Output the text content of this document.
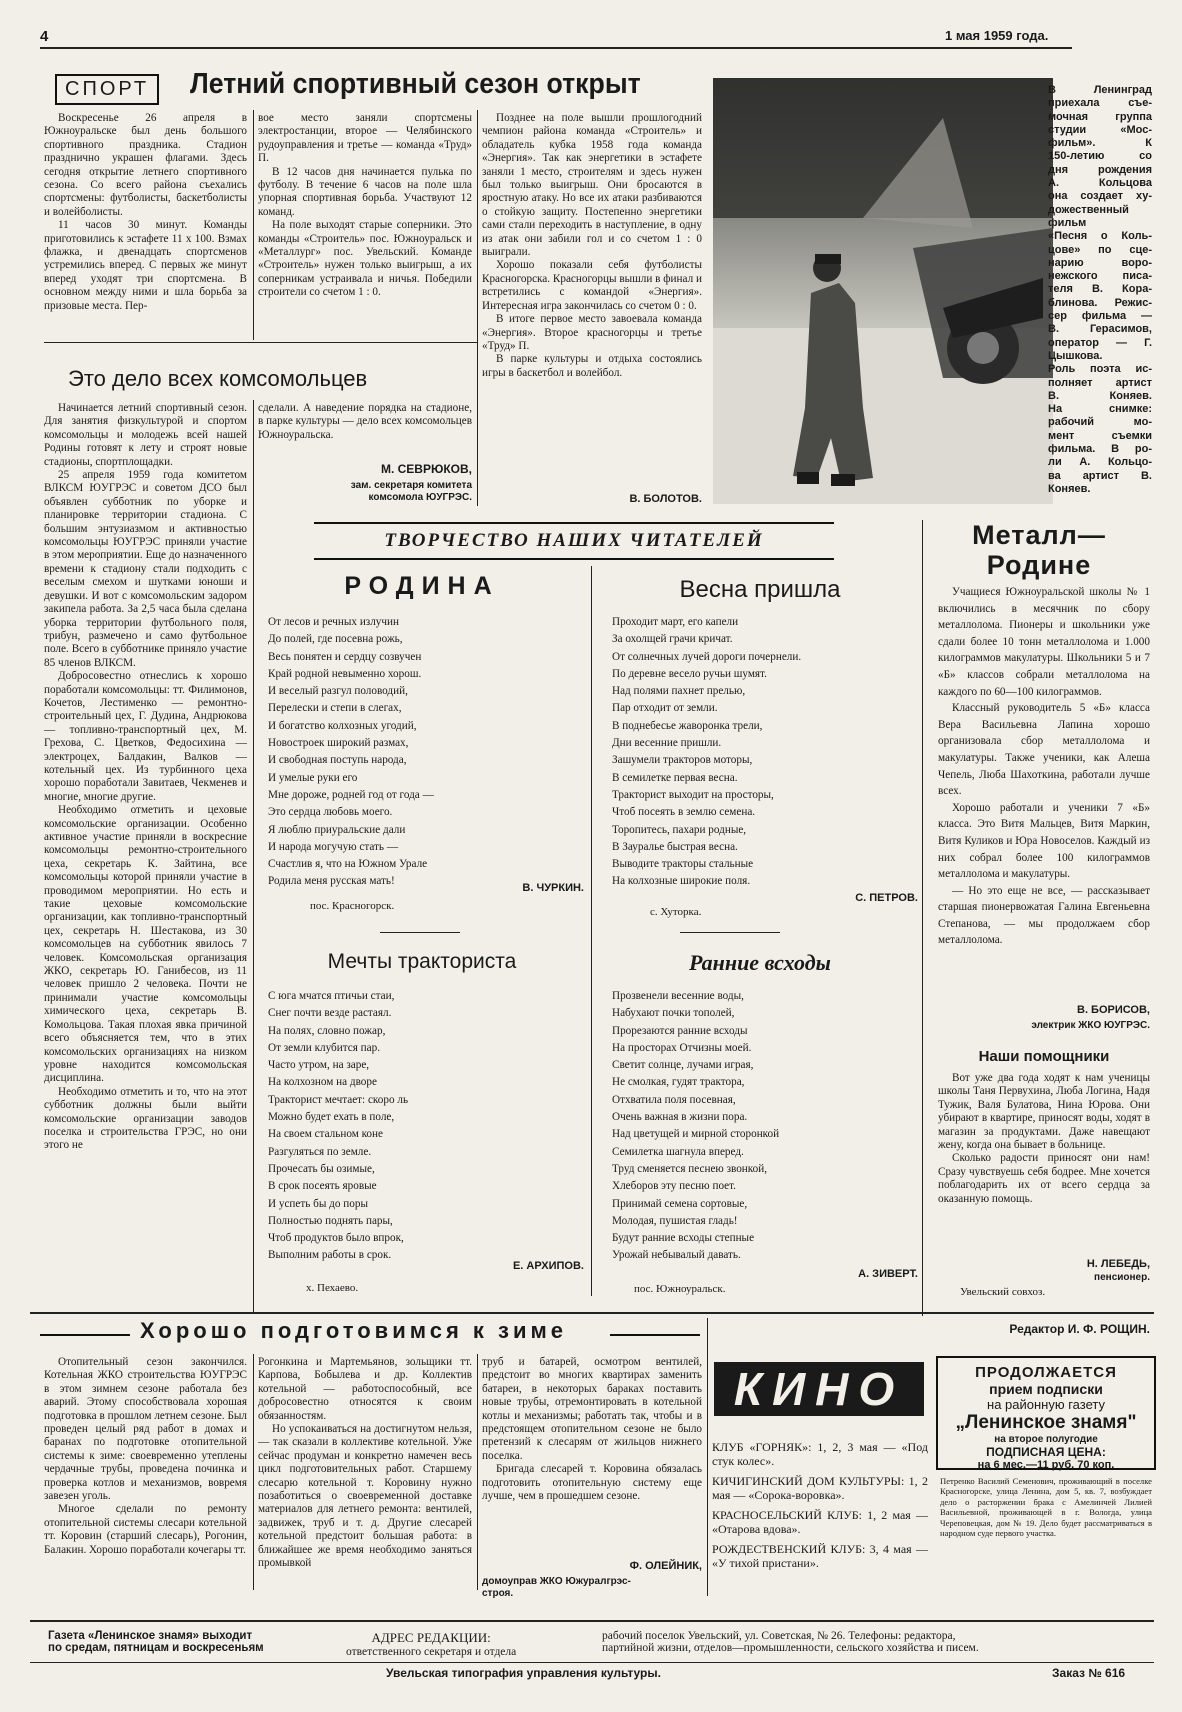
4	1 мая 1959 года.
СПОРТ	Летний спортивный сезон открыт

Воскресенье 26 апреля в Южноуральске был день большого спортивного праздника. Стадион празднично украшен флагами. Здесь сегодня открытие летнего спортивного сезона. Со всего района съехались спортсмены: футболисты, баскетболисты и волейболисты.

11 часов 30 минут. Команды приготовились к эстафете 11 х 100. Взмах флажка, и двенадцать спортсменов устремились вперед. С первых же минут вперед уходят три спортсмена. В основном между ними и шла борьба за призовые места. Пер-

вое место заняли спортсмены электростанции, второе — Челябинского рудоуправления и третье — команда «Труд» П.

В 12 часов дня начинается пулька по футболу. В течение 6 часов на поле шла упорная спортивная борьба. Участвуют 12 команд.

На поле выходят старые соперники. Это команды «Строитель» пос. Южноуральск и «Металлург» пос. Увельский. Команде «Строитель» нужен только выигрыш, а их соперникам устраивала и ничья. Победили строители со счетом 1 : 0.

Позднее на поле вышли прошлогодний чемпион района команда «Строитель» и обладатель кубка 1958 года команда «Энергия». Так как энергетики в эстафете заняли 1 место, строителям и здесь нужен был только выигрыш. Они бросаются в яростную атаку. Но все их атаки разбиваются о стойкую защиту. Постепенно энергетики сами стали переходить в наступление, в одну из атак они забили гол и со счетом 1 : 0 выиграли.

Хорошо показали себя футболисты Красногорска. Красногорцы вышли в финал и встретились с командой «Энергия». Интересная игра закончилась со счетом 0 : 0.

В итоге первое место завоевала команда «Энергия». Второе красногорцы и третье «Труд» П.

В парке культуры и отдыха состоялись игры в баскетбол и волейбол.

В. БОЛОТОВ.
В Ленинград
приехала съе-
мочная группа
студии «Мос-
фильм». К
150-летию со
дня рождения
А. Кольцова
она создает ху-
дожественный
фильм
«Песня о Коль-
цове» по сце-
нарию воро-
нежского писа-
теля В. Кора-
блинова. Режис-
сер фильма —
В. Герасимов,
оператор — Г.
Цышкова.
Роль поэта ис-
полняет артист
В. Коняев.
На снимке:
рабочий мо-
мент съемки
фильма. В ро-
ли А. Кольцо-
ва артист В.
Коняев.
Это дело всех комсомольцев

Начинается летний спортивный сезон. Для занятия физкультурой и спортом комсомольцы и молодежь всей нашей Родины готовят к лету и строят новые стадионы, спортплощадки.

25 апреля 1959 года комитетом ВЛКСМ ЮУГРЭС и советом ДСО был объявлен субботник по уборке и планировке территории стадиона. С большим энтузиазмом и активностью комсомольцы ЮУГРЭС приняли участие в этом мероприятии. Еще до назначенного времени к стадиону стали подходить с веселым смехом и шутками юноши и девушки. И вот с комсомольским задором закипела работа. За 2,5 часа была сделана уборка территории футбольного поля, трибун, размечено и само футбольное поле. Всего в субботнике приняло участие 85 членов ВЛКСМ.

Добросовестно отнеслись к хорошо поработали комсомольцы: тт. Филимонов, Кочетов, Лестименко — ремонтно-строительный цех, Г. Дудина, Андрюкова — топливно-транспортный цех, М. Грехова, С. Цветков, Федосихина — электроцех, Балдакин, Валков — котельный цех. Из турбинного цеха хорошо поработали Завитаев, Чекменев и многие, многие другие.

Необходимо отметить и цеховые комсомольские организации. Особенно активное участие приняли в воскресние комсомольцы ремонтно-строительного цеха, секретарь К. Зайтина, все комсомольцы которой приняли участие в проводимом мероприятии. Но есть и такие цеховые комсомольские организации, как топливно-транспортный цех, секретарь Н. Шестакова, из 30 комсомольцев на субботник явилось 7 человек. Комсомольская организация ЖКО, секретарь Ю. Ганибесов, из 11 человек пришло 2 человека. Почти не принимали участие комсомольцы химического цеха, секретарь В. Комольцова. Такая плохая явка причиной всего объясняется тем, что в этих комсомольских организациях на низком уровне находится комсомольская дисциплина.

Необходимо отметить и то, что на этот субботник должны были выйти комсомольские организации заводов поселка и строительства ГРЭС, но они этого не

сделали. А наведение порядка на стадионе, в парке культуры — дело всех комсомольцев Южноуральска.

М. СЕВРЮКОВ,
зам. секретаря комитета
комсомола ЮУГРЭС.
ТВОРЧЕСТВО НАШИХ ЧИТАТЕЛЕЙ
РОДИНА
От лесов и речных излучин
До полей, где посевна рожь,
Весь понятен и сердцу созвучен
Край родной невыменно хорош.
И веселый разгул половодий,
Перелески и степи в слегах,
И богатство колхозных угодий,
Новостроек широкий размах,
И свободная поступь народа,
И умелые руки его
Мне дороже, родней год от года —
Это сердца любовь моего.
Я люблю приуральские дали
И народа могучую стать —
Счастлив я, что на Южном Урале
Родила меня русская мать!
В. ЧУРКИН.
пос. Красногорск.
Весна пришла
Проходит март, его капели
За охолщей грачи кричат.
От солнечных лучей дороги почернели.
По деревне весело ручьи шумят.
Над полями пахнет прелью,
Пар отходит от земли.
В поднебесье жаворонка трели,
Дни весенние пришли.
Зашумели тракторов моторы,
В семилетке первая весна.
Тракторист выходит на просторы,
Чтоб посеять в землю семена.
Торопитесь, пахари родные,
В Зауралье быстрая весна.
Выводите тракторы стальные
На колхозные широкие поля.
С. ПЕТРОВ.
с. Хуторка.
Мечты тракториста
С юга мчатся птичьи стаи,
Снег почти везде растаял.
На полях, словно пожар,
От земли клубится пар.
Часто утром, на заре,
На колхозном на дворе
Тракторист мечтает: скоро ль
Можно будет ехать в поле,
На своем стальном коне
Разгуляться по земле.
Прочесать бы озимые,
В срок посеять яровые
И успеть бы до поры
Полностью поднять пары,
Чтоб продуктов было впрок,
Выполним работы в срок.
Е. АРХИПОВ.
х. Пехаево.
Ранние всходы
Прозвенели весенние воды,
Набухают почки тополей,
Прорезаются ранние всходы
На просторах Отчизны моей.
Светит солнце, лучами играя,
Не смолкая, гудят трактора,
Отхватила поля посевная,
Очень важная в жизни пора.
Над цветущей и мирной сторонкой
Семилетка шагнула вперед.
Труд сменяется песнею звонкой,
Хлеборов эту песню поет.
Принимай семена сортовые,
Молодая, пушистая гладь!
Будут ранние всходы степные
Урожай небывалый давать.
А. ЗИВЕРТ.
пос. Южноуральск.
Металл—
Родине

Учащиеся Южноуральской школы № 1 включились в месячник по сбору металлолома. Пионеры и школьники уже сдали более 10 тонн металлолома и 1.000 килограммов макулатуры. Школьники 5 и 7 «Б» классов собрали металлолома на каждого по 60—100 килограммов.

Классный руководитель 5 «Б» класса Вера Васильевна Лапина хорошо организовала сбор металлолома и макулатуры. Также ученики, как Алеша Чепель, Люба Шахоткина, работали лучше всех.

Хорошо работали и ученики 7 «Б» класса. Это Витя Мальцев, Витя Маркин, Витя Куликов и Юра Новоселов. Каждый из них собрал более 100 килограммов металлолома и макулатуры.

— Но это еще не все, — рассказывает старшая пионервожатая Галина Евгеньевна Степанова, — мы продолжаем сбор металлолома.

В. БОРИСОВ,
электрик ЖКО ЮУГРЭС.
Наши помощники

Вот уже два года ходят к нам ученицы школы Таня Первухина, Люба Логина, Надя Тужик, Валя Булатова, Нина Юрова. Они убирают в квартире, приносят воды, ходят в магазин за продуктами. Даже навещают жену, когда она бывает в больнице.

Сколько радости приносят они нам! Сразу чувствуешь себя бодрее. Мне хочется поблагодарить их от всего сердца за оказанную помощь.

Н. ЛЕБЕДЬ,
пенсионер.
Увельский совхоз.
Хорошо подготовимся к зиме	Редактор И. Ф. РОЩИН.

Отопительный сезон закончился. Котельная ЖКО строительства ЮУГРЭС в этом зимнем сезоне работала без аварий. Этому способствовала хорошая подготовка в прошлом летнем сезоне. Был проведен целый ряд работ в домах и баранах по подготовке отопительной системы к зиме: своевременно утеплены чердачные трубы, проведена починка и проверка котлов и механизмов, вовремя завезен уголь.

Многое сделали по ремонту отопительной системы слесари котельной тт. Коровин (старший слесарь), Рогонин, Балакин. Хорошо поработали кочегары тт.

Рогонкина и Мартемьянов, зольщики тт. Карпова, Бобылева и др. Коллектив котельной — работоспособный, все добросовестно относятся к своим обязанностям.

Но успокаиваться на достигнутом нельзя, — так сказали в коллективе котельной. Уже сейчас продуман и конкретно намечен весь цикл подготовительных работ. Старшему слесарю котельной т. Коровину нужно позаботиться о своевременной доставке материалов для летнего ремонта: вентилей, задвижек, труб и т. д. Другие слесарей котельной предстоит большая работа: в ближайшее же время необходимо заняться промывкой

труб и батарей, осмотром вентилей, предстоит во многих квартирах заменить батареи, в некоторых бараках поставить новые трубы, отремонтировать в котельной котлы и механизмы; работать так, чтобы и в предстоящем отопительном сезоне не было претензий к слесарям от жильцов нижнего поселка.

Бригада слесарей т. Коровина обязалась подготовить отопительную систему еще лучше, чем в прошедшем сезоне.

Ф. ОЛЕЙНИК,
домоуправ ЖКО Южуралгрэс-
строя.
КИНО
КЛУБ «ГОРНЯК»: 1, 2, 3 мая — «Под стук колес».
КИЧИГИНСКИЙ ДОМ КУЛЬТУРЫ: 1, 2 мая — «Сорока-воровка».
КРАСНОСЕЛЬСКИЙ КЛУБ: 1, 2 мая — «Отарова вдова».
РОЖДЕСТВЕНСКИЙ КЛУБ: 3, 4 мая — «У тихой пристани».
ПРОДОЛЖАЕТСЯ
прием подписки
на районную газету
„Ленинское знамя"
на второе полугодие
ПОДПИСНАЯ ЦЕНА:
на 6 мес.—11 руб. 70 коп.
Петренко Василий Семенович, проживающий в поселке Красногорске, улица Ленина, дом 5, кв. 7, возбуждает дело о расторжении брака с Амелинчей Лилией Васильевной, проживающей в г. Вологда, улица Череповецкая, дом № 19. Дело будет рассматриваться в народном суде первого участка.
Газета «Ленинское знамя» выходит
по средам, пятницам и воскресеньям
АДРЕС РЕДАКЦИИ:
ответственного секретаря и отдела
рабочий поселок Увельский, ул. Советская, № 26. Телефоны: редактора,
партийной жизни, отделов—промышленности, сельского хозяйства и писем.
Увельская типография управления культуры.	Заказ № 616
